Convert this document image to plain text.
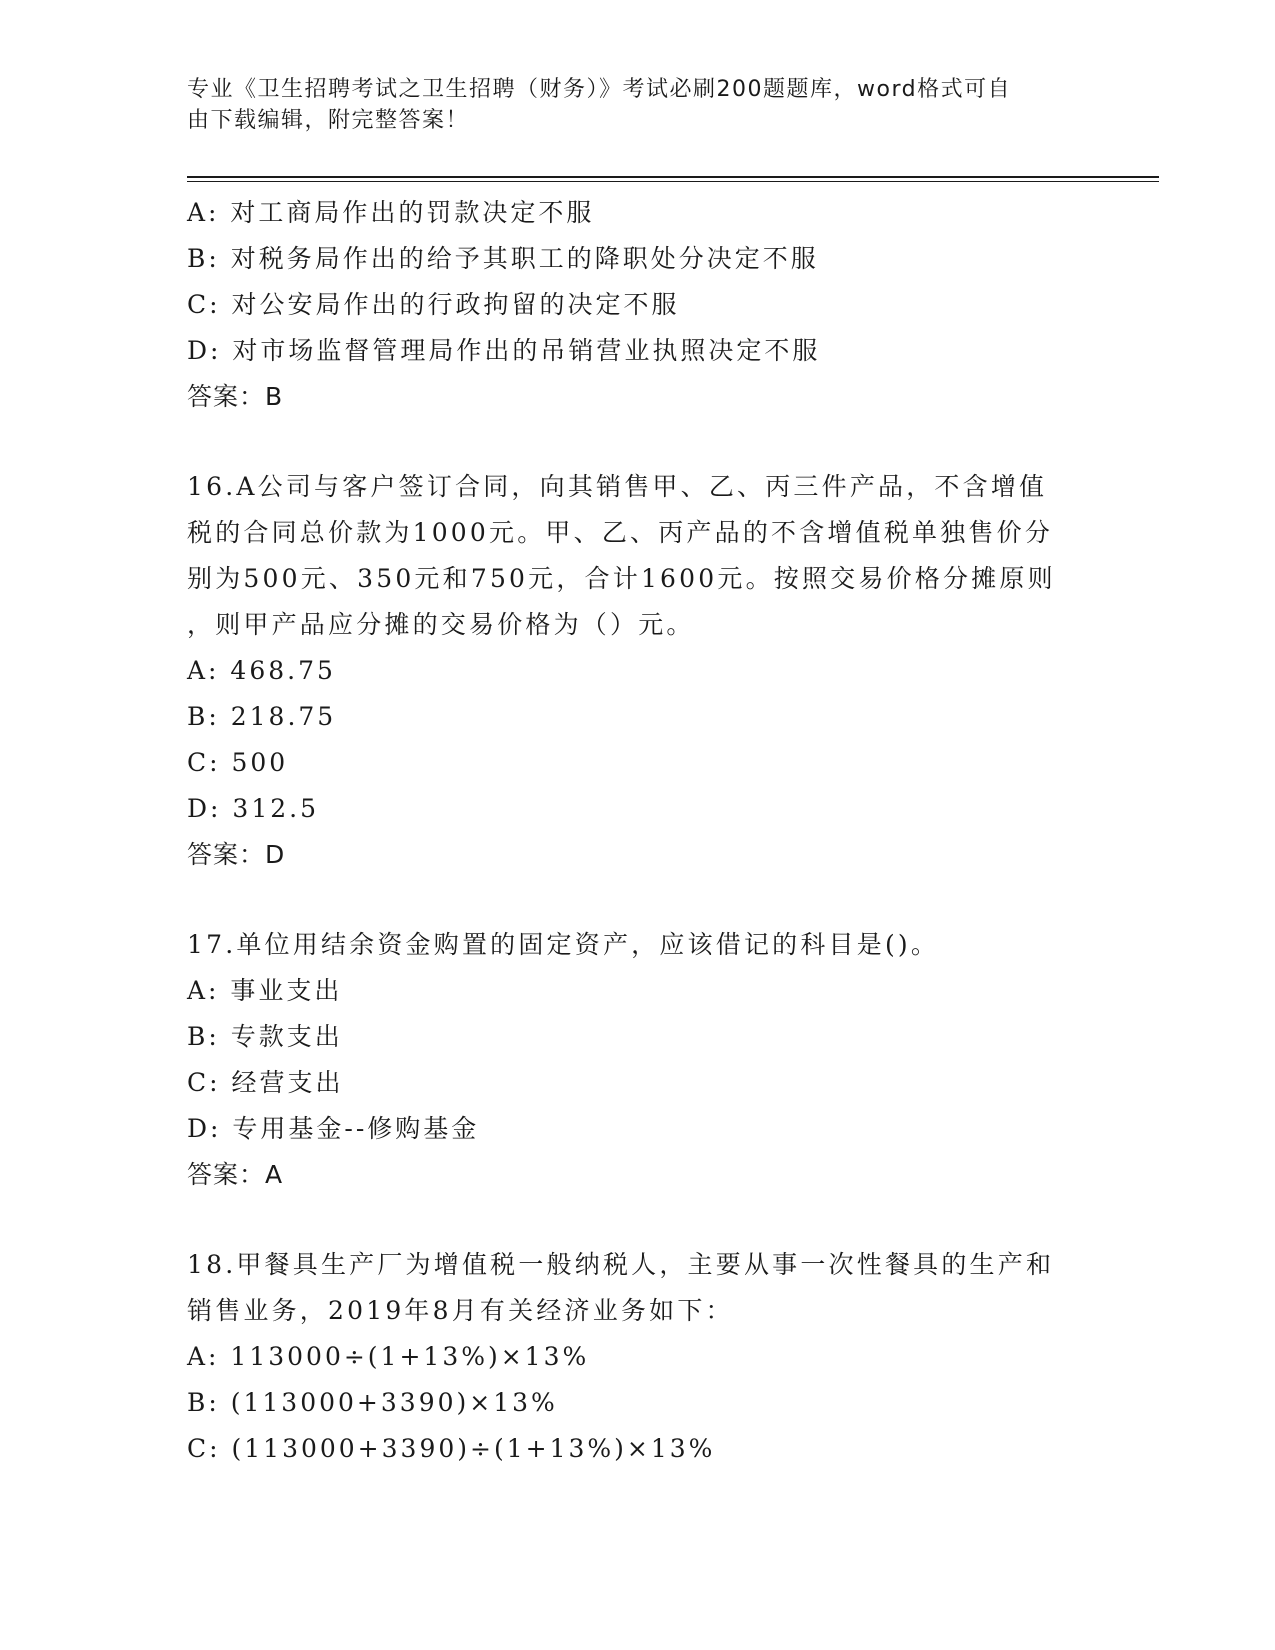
专业《卫生招聘考试之卫生招聘（财务）》考试必刷200题题库，word格式可自
由下载编辑，附完整答案！
A: 对工商局作出的罚款决定不服
B: 对税务局作出的给予其职工的降职处分决定不服
C: 对公安局作出的行政拘留的决定不服
D: 对市场监督管理局作出的吊销营业执照决定不服
答案：B
16.A公司与客户签订合同，向其销售甲、乙、丙三件产品，不含增值
税的合同总价款为1000元。甲、乙、丙产品的不含增值税单独售价分
别为500元、350元和750元，合计1600元。按照交易价格分摊原则
，则甲产品应分摊的交易价格为（）元。
A: 468.75
B: 218.75
C: 500
D: 312.5
答案：D
17.单位用结余资金购置的固定资产，应该借记的科目是()。
A: 事业支出
B: 专款支出
C: 经营支出
D: 专用基金--修购基金
答案：A
18.甲餐具生产厂为增值税一般纳税人，主要从事一次性餐具的生产和
销售业务，2019年8月有关经济业务如下：
A: 113000÷(1+13%)×13%
B: (113000+3390)×13%
C: (113000+3390)÷(1+13%)×13%
